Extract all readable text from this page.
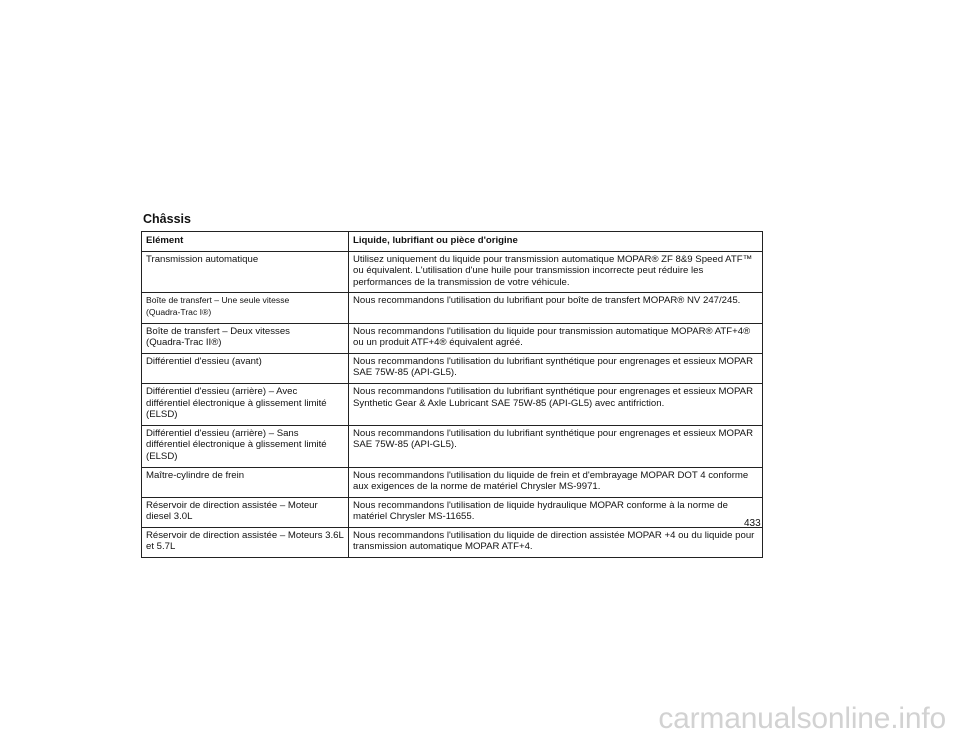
Châssis
Elément	Liquide, lubrifiant ou pièce d'origine

Transmission automatique	Utilisez uniquement du liquide pour transmission automatique MOPAR® ZF 8&9 Speed ATF™ ou équivalent. L'utilisation d'une huile pour transmission incorrecte peut réduire les performances de la transmission de votre véhicule.

Boîte de transfert – Une seule vitesse
(Quadra-Trac I®)	Nous recommandons l'utilisation du lubrifiant pour boîte de transfert MOPAR® NV 247/245.

Boîte de transfert – Deux vitesses
(Quadra-Trac II®)	Nous recommandons l'utilisation du liquide pour transmission automatique MOPAR® ATF+4® ou un produit ATF+4® équivalent agréé.

Différentiel d'essieu (avant)	Nous recommandons l'utilisation du lubrifiant synthétique pour engrenages et essieux MOPAR SAE 75W-85 (API-GL5).

Différentiel d'essieu (arrière) – Avec différentiel électronique à glissement limité (ELSD)	Nous recommandons l'utilisation du lubrifiant synthétique pour engrenages et essieux MOPAR Synthetic Gear & Axle Lubricant SAE 75W-85 (API-GL5) avec antifriction.

Différentiel d'essieu (arrière) – Sans différentiel électronique à glissement limité (ELSD)	Nous recommandons l'utilisation du lubrifiant synthétique pour engrenages et essieux MOPAR SAE 75W-85 (API-GL5).

Maître-cylindre de frein	Nous recommandons l'utilisation du liquide de frein et d'embrayage MOPAR DOT 4 conforme aux exigences de la norme de matériel Chrysler MS-9971.

Réservoir de direction assistée – Moteur diesel 3.0L	Nous recommandons l'utilisation de liquide hydraulique MOPAR conforme à la norme de matériel Chrysler MS-11655.

Réservoir de direction assistée – Moteurs 3.6L et 5.7L	Nous recommandons l'utilisation du liquide de direction assistée MOPAR +4 ou du liquide pour transmission automatique MOPAR ATF+4.
433
carmanualsonline.info
